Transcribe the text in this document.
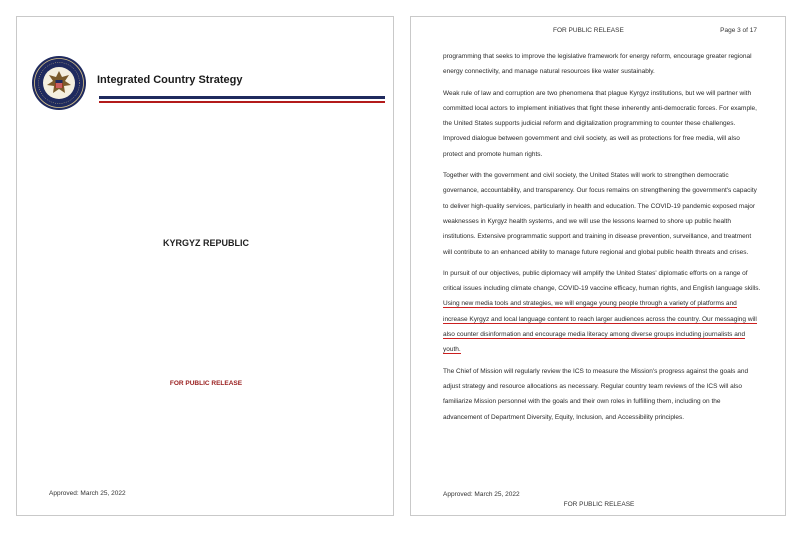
Integrated Country Strategy
KYRGYZ REPUBLIC
FOR PUBLIC RELEASE
Approved: March 25, 2022
FOR PUBLIC RELEASE	Page 3 of 17

programming that seeks to improve the legislative framework for energy reform, encourage greater regional energy connectivity, and manage natural resources like water sustainably.

Weak rule of law and corruption are two phenomena that plague Kyrgyz institutions, but we will partner with committed local actors to implement initiatives that fight these inherently anti-democratic forces. For example, the United States supports judicial reform and digitalization programming to counter these challenges. Improved dialogue between government and civil society, as well as protections for free media, will also protect and promote human rights.

Together with the government and civil society, the United States will work to strengthen democratic governance, accountability, and transparency. Our focus remains on strengthening the government's capacity to deliver high-quality services, particularly in health and education. The COVID-19 pandemic exposed major weaknesses in Kyrgyz health systems, and we will use the lessons learned to shore up public health institutions. Extensive programmatic support and training in disease prevention, surveillance, and treatment will contribute to an enhanced ability to manage future regional and global public health threats and crises.

In pursuit of our objectives, public diplomacy will amplify the United States' diplomatic efforts on a range of critical issues including climate change, COVID-19 vaccine efficacy, human rights, and English language skills. Using new media tools and strategies, we will engage young people through a variety of platforms and increase Kyrgyz and local language content to reach larger audiences across the country. Our messaging will also counter disinformation and encourage media literacy among diverse groups including journalists and youth.

The Chief of Mission will regularly review the ICS to measure the Mission's progress against the goals and adjust strategy and resource allocations as necessary. Regular country team reviews of the ICS will also familiarize Mission personnel with the goals and their own roles in fulfilling them, including on the advancement of Department Diversity, Equity, Inclusion, and Accessibility principles.

Approved: March 25, 2022
FOR PUBLIC RELEASE
